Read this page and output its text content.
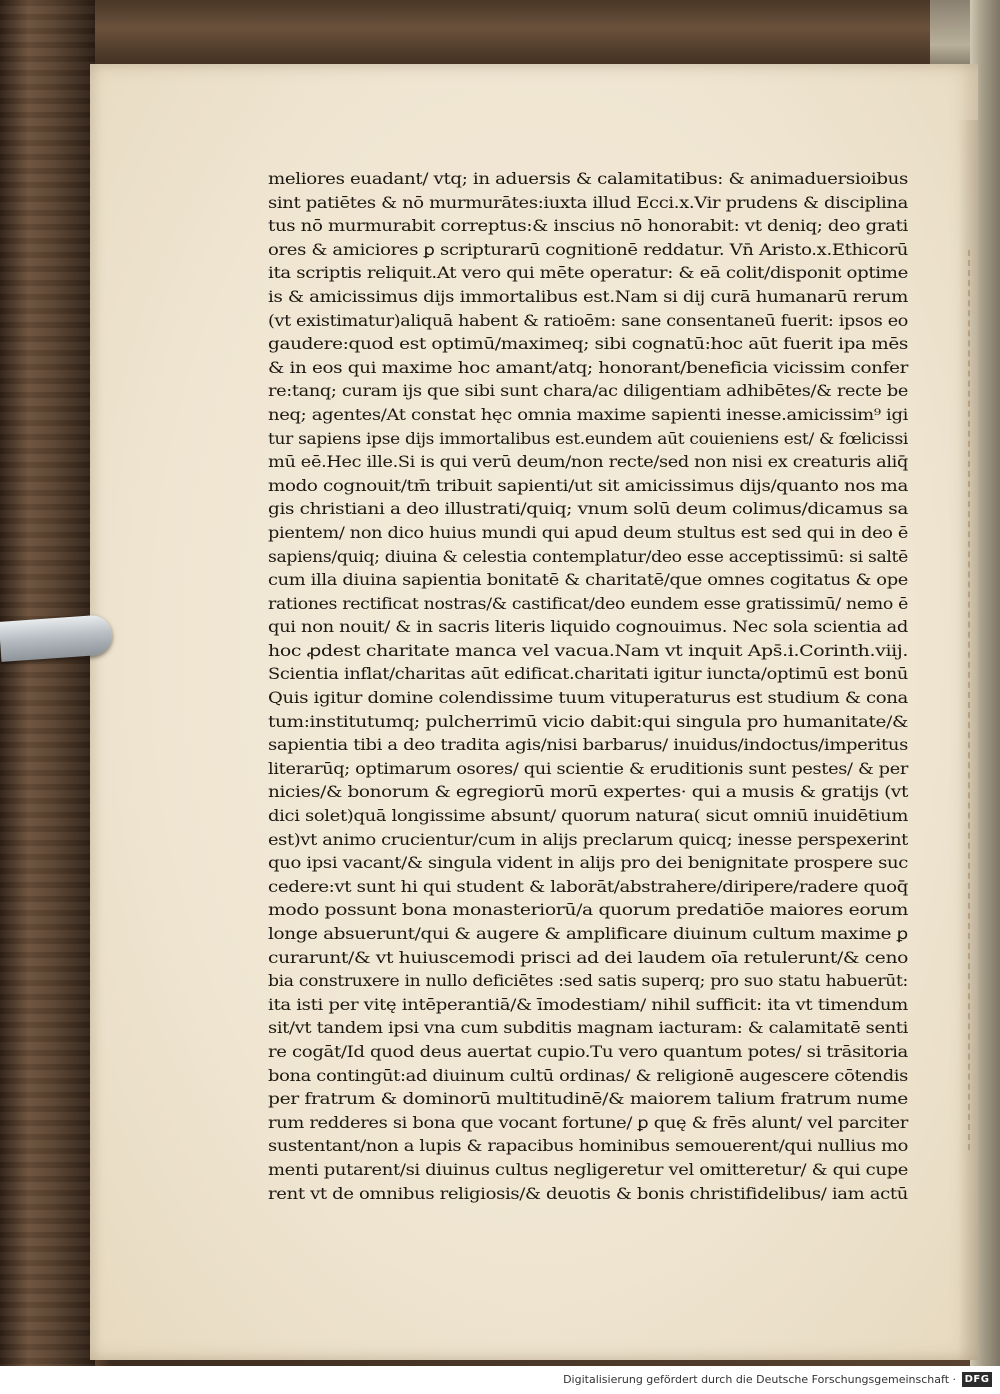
meliores euadant/ vtq; in aduersis & calamitatibus: & animaduersioibus
sint patiētes & nō murmurātes:iuxta illud Ecci.x.Vir prudens & disciplina
tus nō murmurabit correptus:& inscius nō honorabit: vt deniq; deo grati
ores & amiciores ꝑ scripturarū cognitionē reddatur. Vn̄ Aristo.x.Ethicorū
ita scriptis reliquit.At vero qui mēte operatur: & eā colit/disponit optime
is & amicissimus dijs immortalibus est.Nam si dij curā humanarū rerum
(vt existimatur)aliquā habent & ratioēm: sane consentaneū fuerit: ipsos eo
gaudere:quod est optimū/maximeq; sibi cognatū:hoc aūt fuerit ipa mēs
& in eos qui maxime hoc amant/atq; honorant/beneficia vicissim confer
re:tanq; curam ijs que sibi sunt chara/ac diligentiam adhibētes/& recte be
neq; agentes/At constat hęc omnia maxime sapienti inesse.amicissim⁹ igi
tur sapiens ipse dijs immortalibus est.eundem aūt couieniens est/ & fœlicissi
mū eē.Hec ille.Si is qui verū deum/non recte/sed non nisi ex creaturis aliq̄
modo cognouit/tm̄ tribuit sapienti/ut sit amicissimus dijs/quanto nos ma
gis christiani a deo illustrati/quiq; vnum solū deum colimus/dicamus sa
pientem/ non dico huius mundi qui apud deum stultus est sed qui in deo ē
sapiens/quiq; diuina & celestia contemplatur/deo esse acceptissimū: si saltē
cum illa diuina sapientia bonitatē & charitatē/que omnes cogitatus & ope
rationes rectificat nostras/& castificat/deo eundem esse gratissimū/ nemo ē
qui non nouit/ & in sacris literis liquido cognouimus. Nec sola scientia ad
hoc ꝓdest charitate manca vel vacua.Nam vt inquit Aps̄.i.Corinth.viij.
Scientia inflat/charitas aūt edificat.charitati igitur iuncta/optimū est bonū
Quis igitur domine colendissime tuum vituperaturus est studium & cona
tum:institutumq; pulcherrimū vicio dabit:qui singula pro humanitate/&
sapientia tibi a deo tradita agis/nisi barbarus/ inuidus/indoctus/imperitus
literarūq; optimarum osores/ qui scientie & eruditionis sunt pestes/ & per
nicies/& bonorum & egregiorū morū expertes· qui a musis & gratijs (vt
dici solet)quā longissime absunt/ quorum natura( sicut omniū inuidētium
est)vt animo crucientur/cum in alijs preclarum quicq; inesse perspexerint
quo ipsi vacant/& singula vident in alijs pro dei benignitate prospere suc
cedere:vt sunt hi qui student & laborāt/abstrahere/diripere/radere quoq̄
modo possunt bona monasteriorū/a quorum predatiōe maiores eorum
longe absuerunt/qui & augere & amplificare diuinum cultum maxime ꝑ
curarunt/& vt huiuscemodi prisci ad dei laudem oīa retulerunt/& ceno
bia construxere in nullo deficiētes :sed satis superq; pro suo statu habuerūt:
ita isti per vitę intēperantiā/& īmodestiam/ nihil sufficit: ita vt timendum
sit/vt tandem ipsi vna cum subditis magnam iacturam: & calamitatē senti
re cogāt/Id quod deus auertat cupio.Tu vero quantum potes/ si trāsitoria
bona contingūt:ad diuinum cultū ordinas/ & religionē augescere cōtendis
per fratrum & dominorū multitudinē/& maiorem talium fratrum nume
rum redderes si bona que vocant fortune/ ꝑ quę & frēs alunt/ vel parciter
sustentant/non a lupis & rapacibus hominibus semouerent/qui nullius mo
menti putarent/si diuinus cultus negligeretur vel omitteretur/ & qui cupe
rent vt de omnibus religiosis/& deuotis & bonis christifidelibus/ iam actū
Digitalisierung gefördert durch die Deutsche Forschungsgemeinschaft · DFG
